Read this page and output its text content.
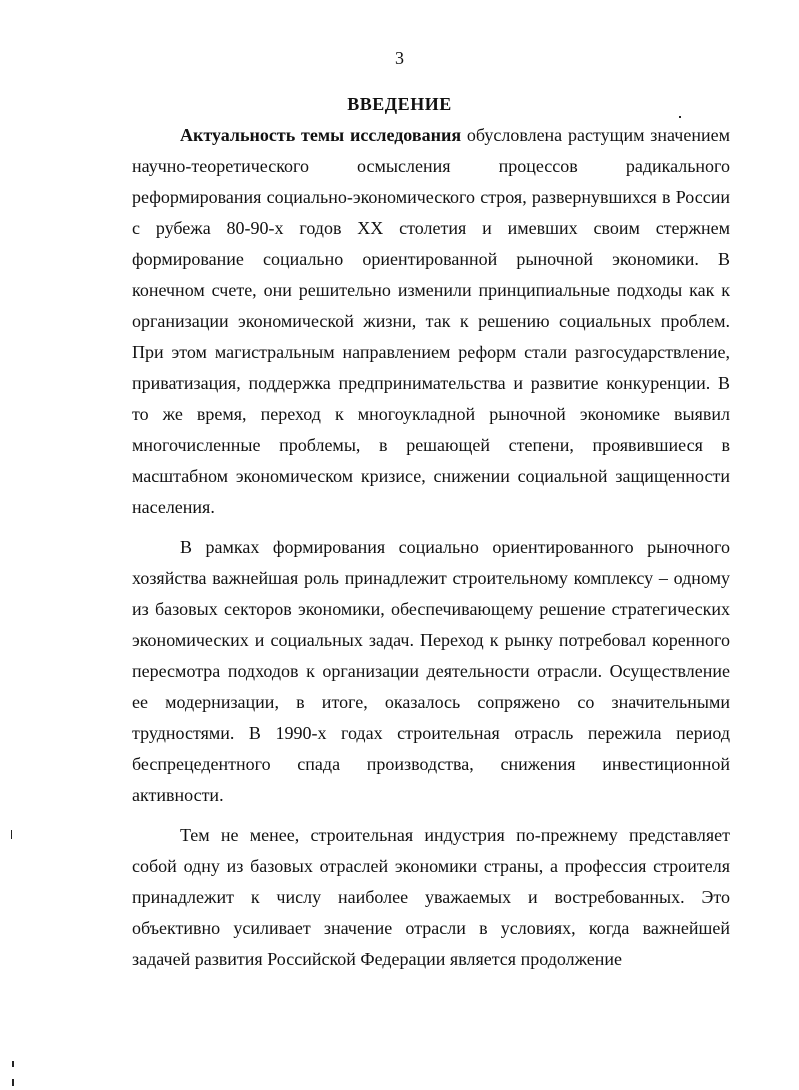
3
ВВЕДЕНИЕ

Актуальность темы исследования обусловлена растущим значением научно-теоретического осмысления процессов радикального реформирования социально-экономического строя, развернувшихся в России с рубежа 80-90-х годов XX столетия и имевших своим стержнем формирование социально ориентированной рыночной экономики. В конечном счете, они решительно изменили принципиальные подходы как к организации экономической жизни, так к решению социальных проблем. При этом магистральным направлением реформ стали разгосударствление, приватизация, поддержка предпринимательства и развитие конкуренции. В то же время, переход к многоукладной рыночной экономике выявил многочисленные проблемы, в решающей степени, проявившиеся в масштабном экономическом кризисе, снижении социальной защищенности населения.

В рамках формирования социально ориентированного рыночного хозяйства важнейшая роль принадлежит строительному комплексу – одному из базовых секторов экономики, обеспечивающему решение стратегических экономических и социальных задач. Переход к рынку потребовал коренного пересмотра подходов к организации деятельности отрасли. Осуществление ее модернизации, в итоге, оказалось сопряжено со значительными трудностями. В 1990-х годах строительная отрасль пережила период беспрецедентного спада производства, снижения инвестиционной активности.

Тем не менее, строительная индустрия по-прежнему представляет собой одну из базовых отраслей экономики страны, а профессия строителя принадлежит к числу наиболее уважаемых и востребованных. Это объективно усиливает значение отрасли в условиях, когда важнейшей задачей развития Российской Федерации является продолжение
